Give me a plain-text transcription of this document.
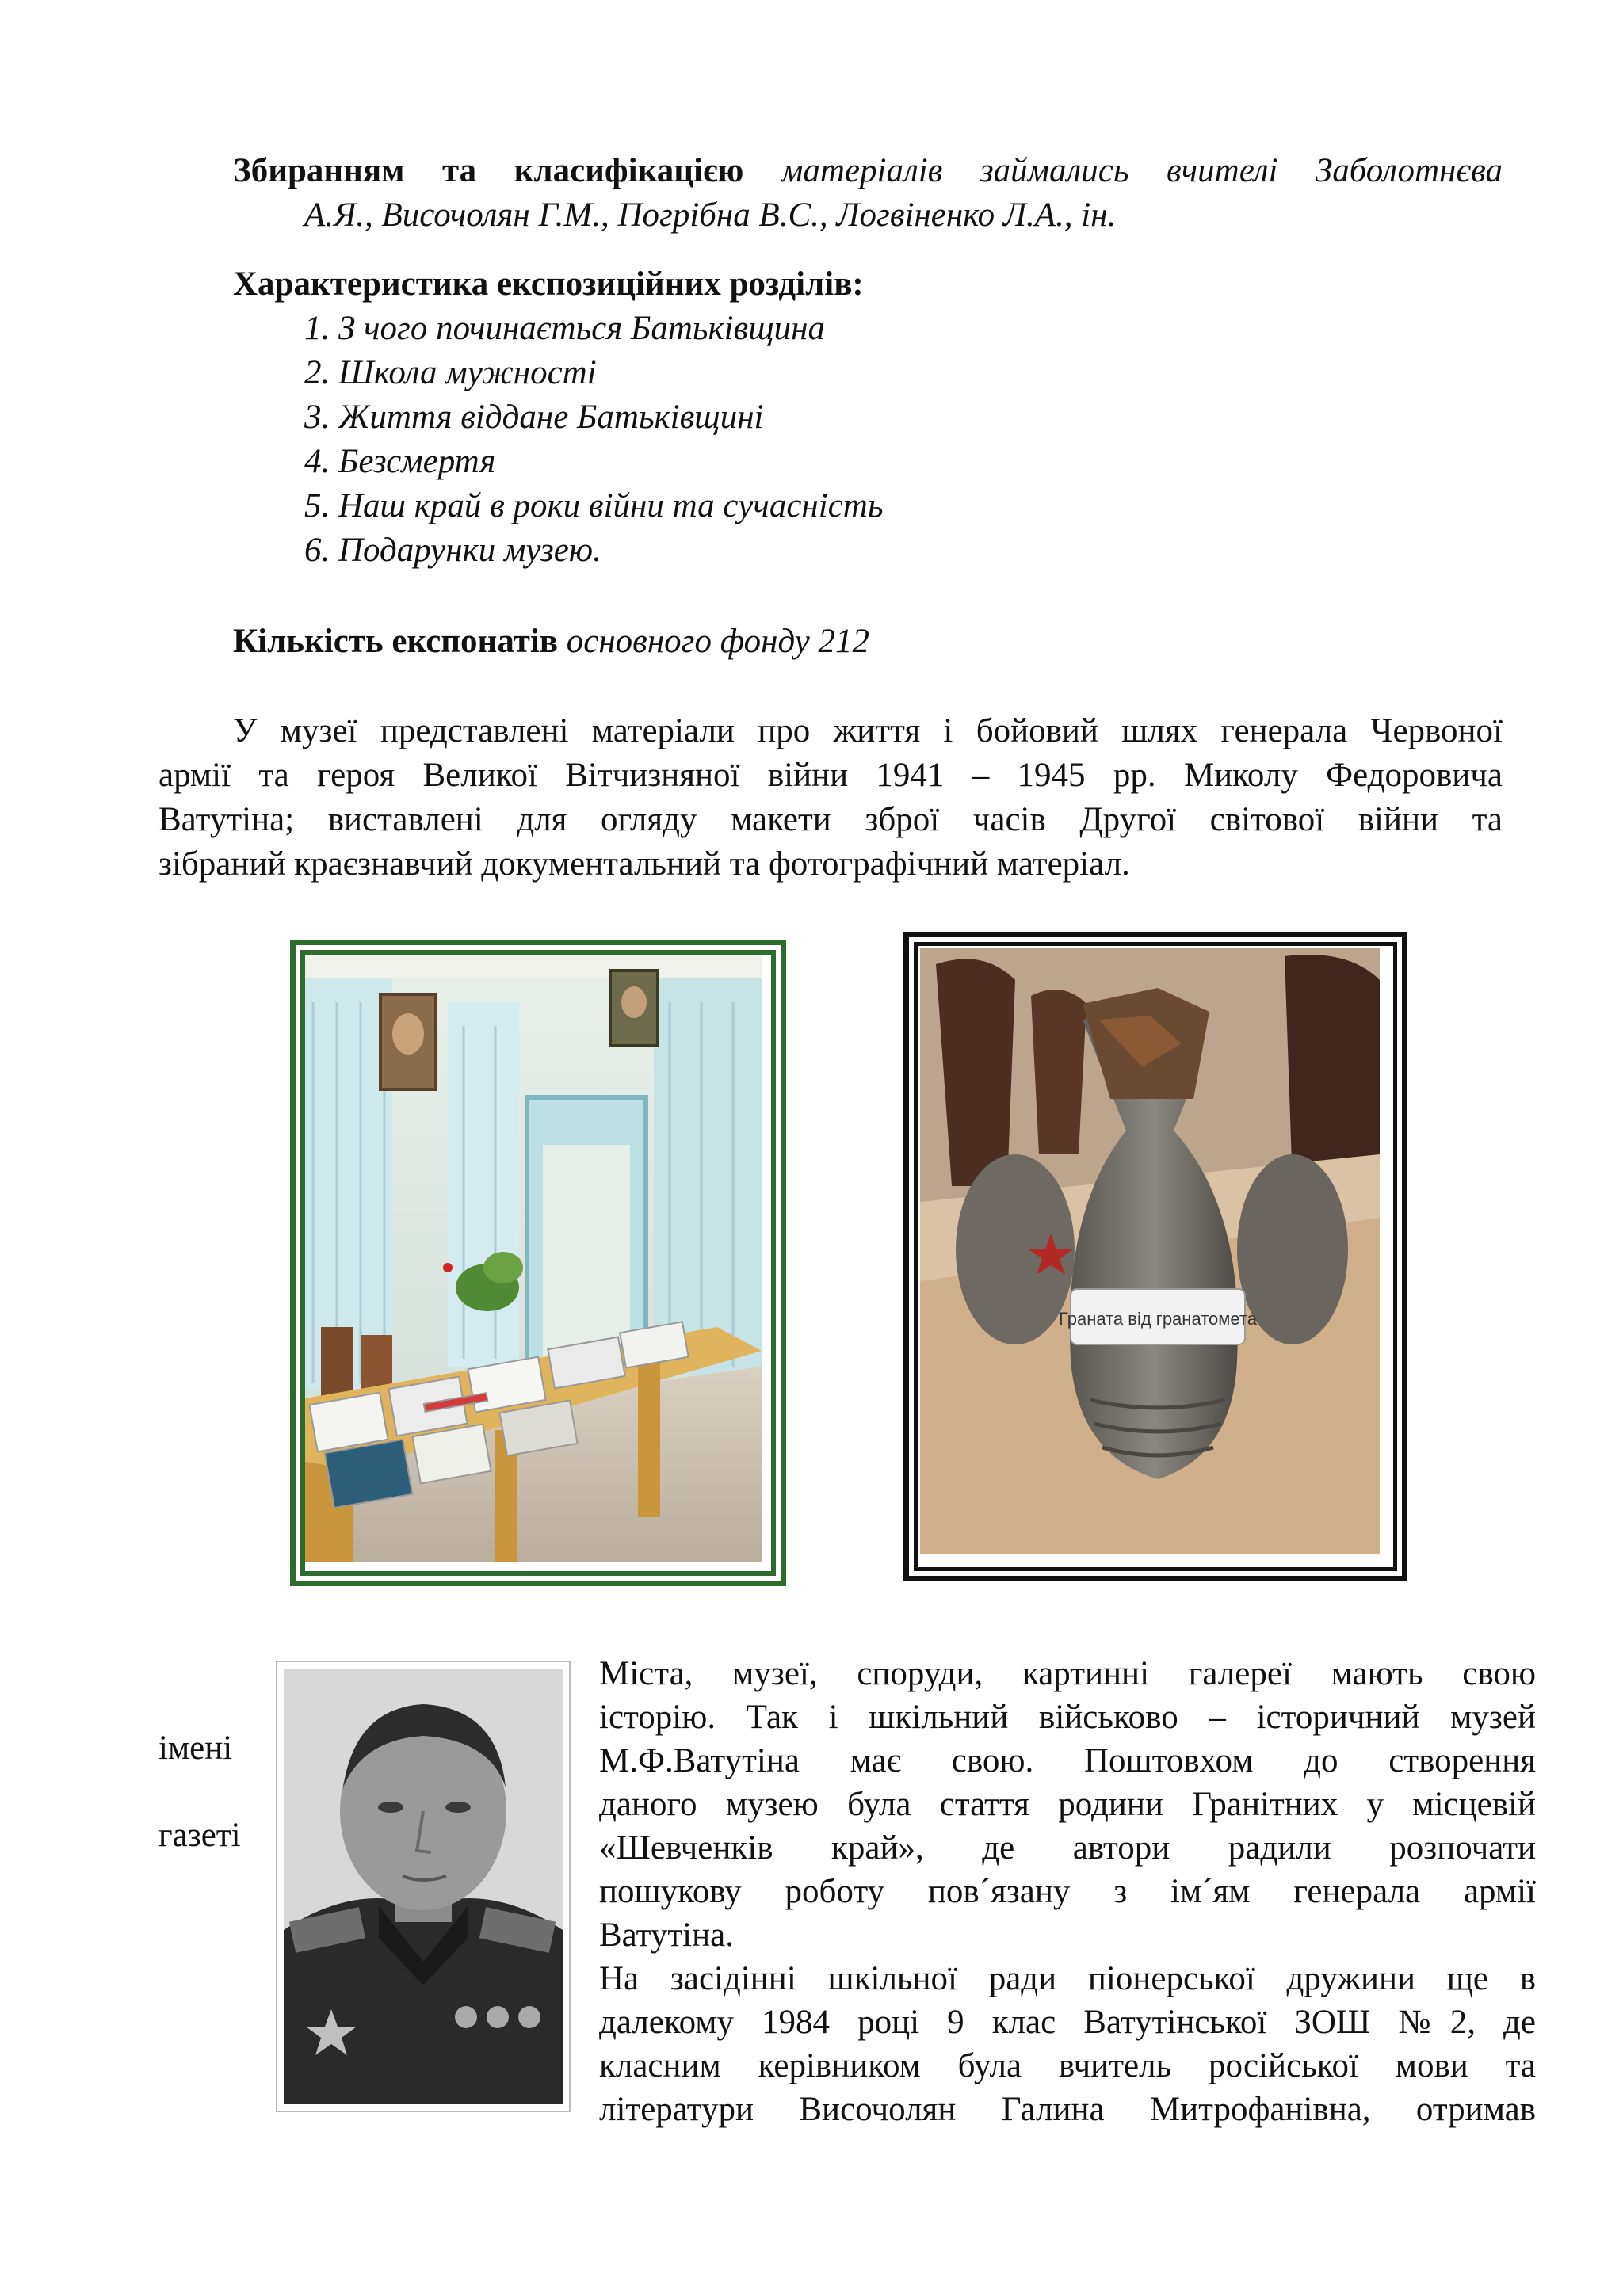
Збиранням та класифікацією матеріалів займались вчителі Заболотнєва
А.Я., Височолян Г.М., Погрібна В.С., Логвіненко Л.А., ін.
Характеристика експозиційних розділів:
1. З чого починається Батьківщина
2. Школа мужності
3. Життя віддане Батьківщині
4. Безсмертя
5. Наш край в роки війни та сучасність
6. Подарунки музею.
Кількість експонатів основного фонду 212
У музеї представлені матеріали про життя і бойовий шлях генерала Червоної
армії та героя Великої Вітчизняної війни 1941 – 1945 рр. Миколу Федоровича
Ватутіна; виставлені для огляду макети зброї часів Другої світової війни та
зібраний краєзнавчий документальний та фотографічний матеріал.
Граната від гранатомета
імені
газеті
Міста, музеї, споруди, картинні галереї мають свою
історію. Так і шкільний військово – історичний музей
М.Ф.Ватутіна має свою. Поштовхом до створення
даного музею була стаття родини Гранітних у місцевій
«Шевченків край», де автори радили розпочати
пошукову роботу пов´язану з ім´ям генерала армії
Ватутіна.
На засідінні шкільної ради піонерської дружини ще в
далекому 1984 році 9 клас Ватутінської ЗОШ №2, де
класним керівником була вчитель російської мови та
літератури Височолян Галина Митрофанівна, отримав
